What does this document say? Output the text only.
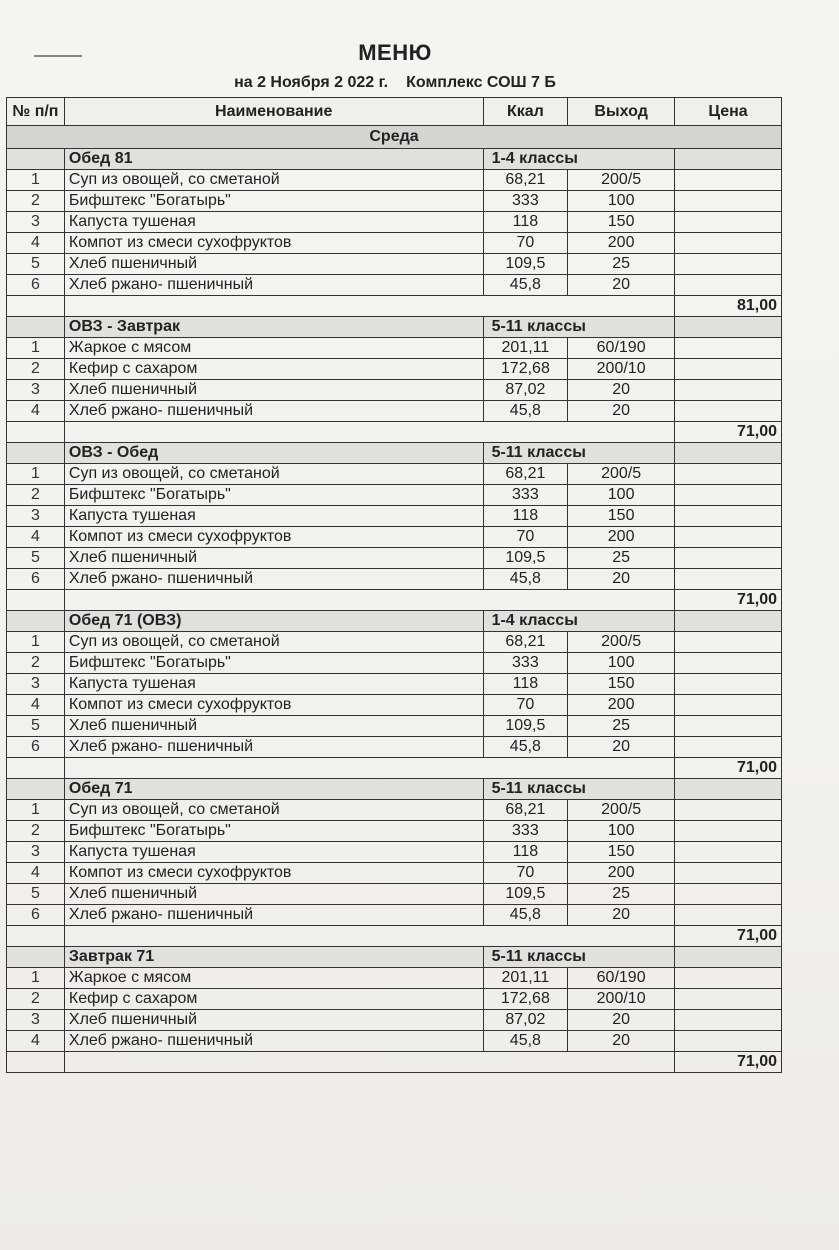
МЕНЮ
на 2 Ноября 2 022 г. Комплекс СОШ 7 Б
№ п/п	Наименование	Ккал	Выход	Цена
Среда				
	Обед 81	1-4 классы		
1	Суп из овощей, со сметаной	68,21	200/5	
2	Бифштекс "Богатырь"	333	100	
3	Капуста тушеная	118	150	
4	Компот из смеси сухофруктов	70	200	
5	Хлеб пшеничный	109,5	25	
6	Хлеб ржано- пшеничный	45,8	20	
				81,00
	ОВЗ - Завтрак	5-11 классы		
1	Жаркое с мясом	201,11	60/190	
2	Кефир с сахаром	172,68	200/10	
3	Хлеб пшеничный	87,02	20	
4	Хлеб ржано- пшеничный	45,8	20	
				71,00
	ОВЗ - Обед	5-11 классы		
1	Суп из овощей, со сметаной	68,21	200/5	
2	Бифштекс "Богатырь"	333	100	
3	Капуста тушеная	118	150	
4	Компот из смеси сухофруктов	70	200	
5	Хлеб пшеничный	109,5	25	
6	Хлеб ржано- пшеничный	45,8	20	
				71,00
	Обед 71 (ОВЗ)	1-4 классы		
1	Суп из овощей, со сметаной	68,21	200/5	
2	Бифштекс "Богатырь"	333	100	
3	Капуста тушеная	118	150	
4	Компот из смеси сухофруктов	70	200	
5	Хлеб пшеничный	109,5	25	
6	Хлеб ржано- пшеничный	45,8	20	
				71,00
	Обед 71	5-11 классы		
1	Суп из овощей, со сметаной	68,21	200/5	
2	Бифштекс "Богатырь"	333	100	
3	Капуста тушеная	118	150	
4	Компот из смеси сухофруктов	70	200	
5	Хлеб пшеничный	109,5	25	
6	Хлеб ржано- пшеничный	45,8	20	
				71,00
	Завтрак 71	5-11 классы		
1	Жаркое с мясом	201,11	60/190	
2	Кефир с сахаром	172,68	200/10	
3	Хлеб пшеничный	87,02	20	
4	Хлеб ржано- пшеничный	45,8	20	
				71,00
